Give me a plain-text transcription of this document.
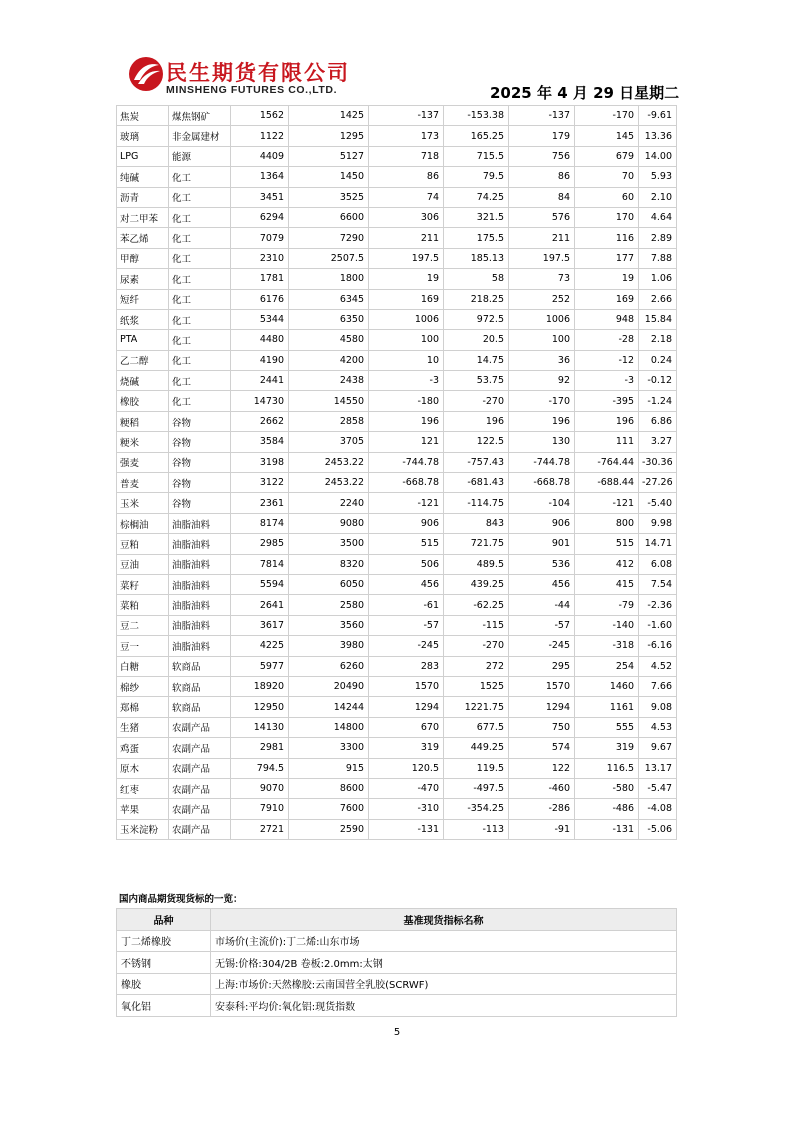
民生期货有限公司
MINSHENG FUTURES CO.,LTD.	2025 年 4 月 29 日星期二
焦炭	煤焦钢矿	1562	1425	-137	-153.38	-137	-170	-9.61
玻璃	非金属建材	1122	1295	173	165.25	179	145	13.36
LPG	能源	4409	5127	718	715.5	756	679	14.00
纯碱	化工	1364	1450	86	79.5	86	70	5.93
沥青	化工	3451	3525	74	74.25	84	60	2.10
对二甲苯	化工	6294	6600	306	321.5	576	170	4.64
苯乙烯	化工	7079	7290	211	175.5	211	116	2.89
甲醇	化工	2310	2507.5	197.5	185.13	197.5	177	7.88
尿素	化工	1781	1800	19	58	73	19	1.06
短纤	化工	6176	6345	169	218.25	252	169	2.66
纸浆	化工	5344	6350	1006	972.5	1006	948	15.84
PTA	化工	4480	4580	100	20.5	100	-28	2.18
乙二醇	化工	4190	4200	10	14.75	36	-12	0.24
烧碱	化工	2441	2438	-3	53.75	92	-3	-0.12
橡胶	化工	14730	14550	-180	-270	-170	-395	-1.24
粳稻	谷物	2662	2858	196	196	196	196	6.86
粳米	谷物	3584	3705	121	122.5	130	111	3.27
强麦	谷物	3198	2453.22	-744.78	-757.43	-744.78	-764.44	-30.36
普麦	谷物	3122	2453.22	-668.78	-681.43	-668.78	-688.44	-27.26
玉米	谷物	2361	2240	-121	-114.75	-104	-121	-5.40
棕榈油	油脂油料	8174	9080	906	843	906	800	9.98
豆粕	油脂油料	2985	3500	515	721.75	901	515	14.71
豆油	油脂油料	7814	8320	506	489.5	536	412	6.08
菜籽	油脂油料	5594	6050	456	439.25	456	415	7.54
菜粕	油脂油料	2641	2580	-61	-62.25	-44	-79	-2.36
豆二	油脂油料	3617	3560	-57	-115	-57	-140	-1.60
豆一	油脂油料	4225	3980	-245	-270	-245	-318	-6.16
白糖	软商品	5977	6260	283	272	295	254	4.52
棉纱	软商品	18920	20490	1570	1525	1570	1460	7.66
郑棉	软商品	12950	14244	1294	1221.75	1294	1161	9.08
生猪	农副产品	14130	14800	670	677.5	750	555	4.53
鸡蛋	农副产品	2981	3300	319	449.25	574	319	9.67
原木	农副产品	794.5	915	120.5	119.5	122	116.5	13.17
红枣	农副产品	9070	8600	-470	-497.5	-460	-580	-5.47
苹果	农副产品	7910	7600	-310	-354.25	-286	-486	-4.08
玉米淀粉	农副产品	2721	2590	-131	-113	-91	-131	-5.06
国内商品期货现货标的一览：
品种	基准现货指标名称
丁二烯橡胶	市场价(主流价):丁二烯:山东市场
不锈钢	无锡:价格:304/2B 卷板:2.0mm:太钢
橡胶	上海:市场价:天然橡胶:云南国营全乳胶(SCRWF)
氧化铝	安泰科:平均价:氧化铝:现货指数
5
